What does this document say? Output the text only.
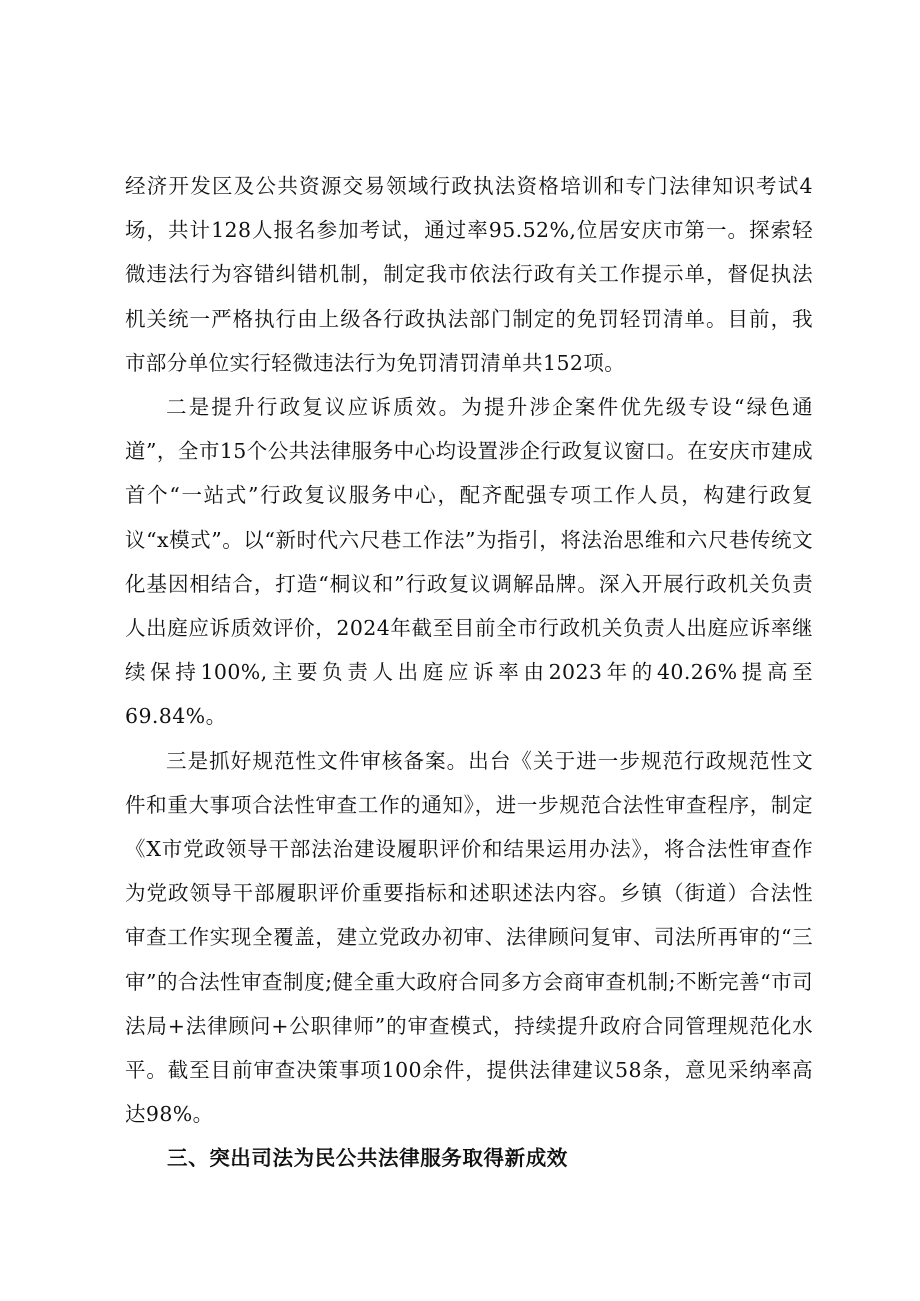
经济开发区及公共资源交易领域行政执法资格培训和专门法律知识考试4场，共计128人报名参加考试，通过率95.52%,位居安庆市第一。探索轻微违法行为容错纠错机制，制定我市依法行政有关工作提示单，督促执法机关统一严格执行由上级各行政执法部门制定的免罚轻罚清单。目前，我市部分单位实行轻微违法行为免罚清罚清单共152项。

二是提升行政复议应诉质效。为提升涉企案件优先级专设“绿色通道”，全市15个公共法律服务中心均设置涉企行政复议窗口。在安庆市建成首个“一站式”行政复议服务中心，配齐配强专项工作人员，构建行政复议“x模式”。以“新时代六尺巷工作法”为指引，将法治思维和六尺巷传统文化基因相结合，打造“桐议和”行政复议调解品牌。深入开展行政机关负责人出庭应诉质效评价，2024年截至目前全市行政机关负责人出庭应诉率继续保持100%,主要负责人出庭应诉率由2023年的40.26%提高至69.84%。

三是抓好规范性文件审核备案。出台《关于进一步规范行政规范性文件和重大事项合法性审查工作的通知》，进一步规范合法性审查程序，制定《X市党政领导干部法治建设履职评价和结果运用办法》，将合法性审查作为党政领导干部履职评价重要指标和述职述法内容。乡镇（街道）合法性审查工作实现全覆盖，建立党政办初审、法律顾问复审、司法所再审的“三审”的合法性审查制度;健全重大政府合同多方会商审查机制;不断完善“市司法局+法律顾问+公职律师”的审查模式，持续提升政府合同管理规范化水平。截至目前审查决策事项100余件，提供法律建议58条，意见采纳率高达98%。

三、突出司法为民公共法律服务取得新成效
